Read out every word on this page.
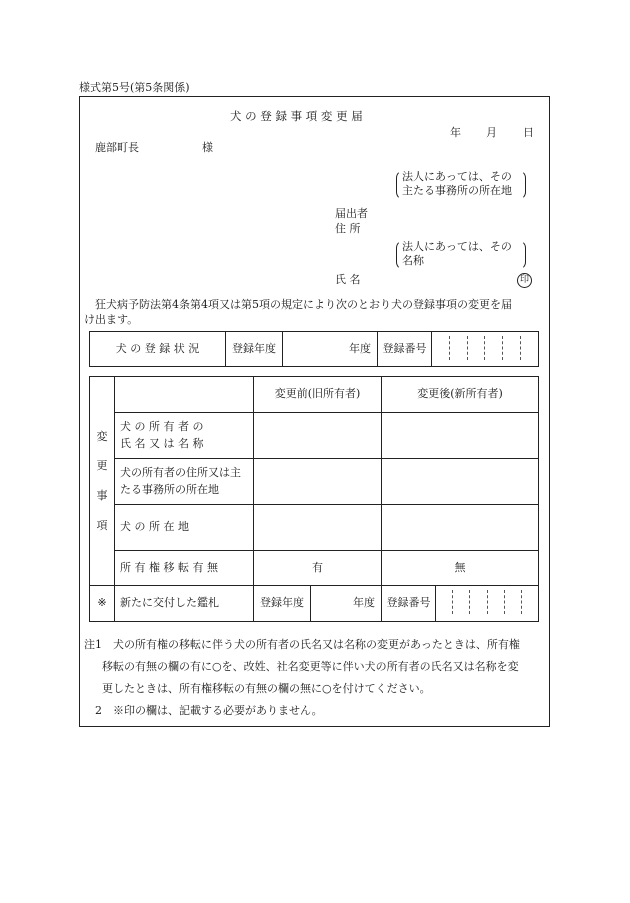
様式第5号(第5条関係)
犬 の 登 録 事 項 変 更 届
年 月 日
鹿部町長	様
法人にあっては、その
主たる事務所の所在地
届出者
住 所
法人にあっては、その
名称
氏 名	印
狂犬病予防法第4条第4項又は第5項の規定により次のとおり犬の登録事項の変更を届
け出ます。
犬 の 登 録 状 況	登録年度	年度	登録番号	
変
更
事
項		変更前(旧所有者)		変更後(新所有者)	

	犬 の 所 有 者 の
氏 名 又 は 名 称				

	犬の所有者の住所又は主
たる事務所の所在地				

	犬 の 所 在 地				
	所 有 権 移 転 有 無	有		無	
※	新たに交付した鑑札	登録年度	年度	登録番号	
注1　犬の所有権の移転に伴う犬の所有者の氏名又は名称の変更があったときは、所有権
移転の有無の欄の有に○を、改姓、社名変更等に伴い犬の所有者の氏名又は名称を変
更したときは、所有権移転の有無の欄の無に○を付けてください。
2　※印の欄は、記載する必要がありません。
